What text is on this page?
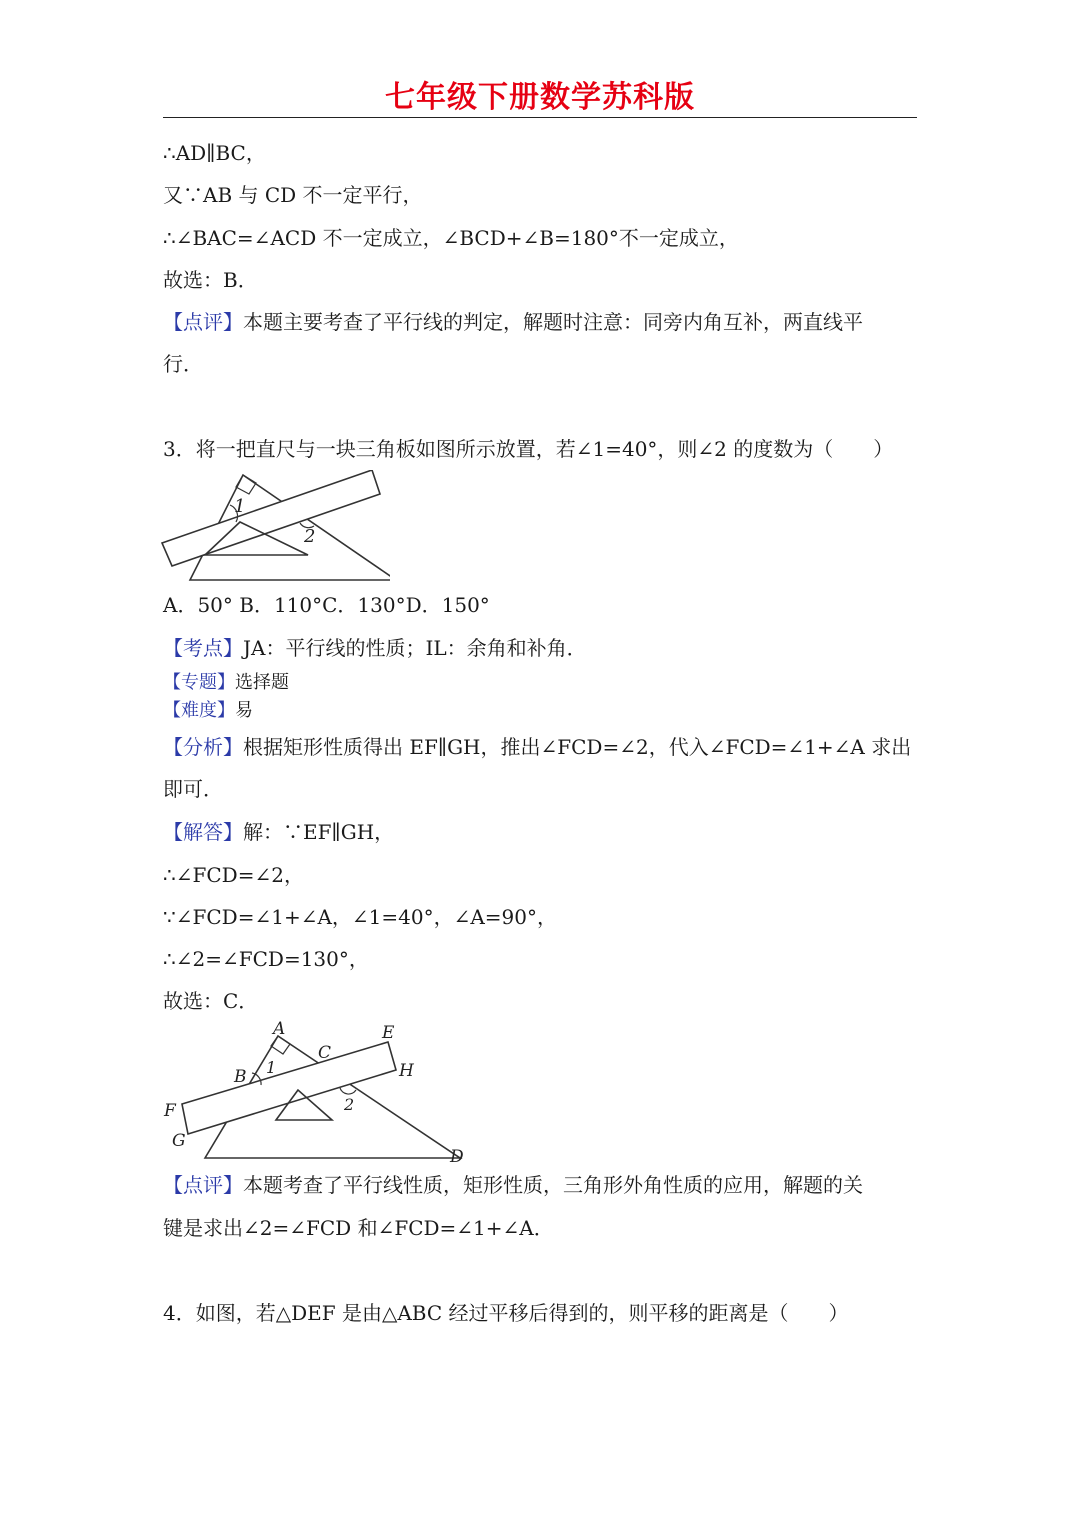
七年级下册数学苏科版
∴AD∥BC，
又∵AB 与 CD 不一定平行，
∴∠BAC=∠ACD 不一定成立，∠BCD+∠B=180°不一定成立，
故选：B．
【点评】本题主要考查了平行线的判定，解题时注意：同旁内角互补，两直线平
行．
3．将一把直尺与一块三角板如图所示放置，若∠1=40°，则∠2 的度数为（　　）
1
2
A．50° B．110°C．130°D．150°
【考点】JA：平行线的性质；IL：余角和补角．
【专题】选择题
【难度】易
【分析】根据矩形性质得出 EF∥GH，推出∠FCD=∠2，代入∠FCD=∠1+∠A 求出
即可．
【解答】解：∵EF∥GH，
∴∠FCD=∠2，
∵∠FCD=∠1+∠A，∠1=40°，∠A=90°，
∴∠2=∠FCD=130°，
故选：C．
A	E
C
B	H
F
G
D
1
2
【点评】本题考查了平行线性质，矩形性质，三角形外角性质的应用，解题的关
键是求出∠2=∠FCD 和∠FCD=∠1+∠A．
4．如图，若△DEF 是由△ABC 经过平移后得到的，则平移的距离是（　　）
